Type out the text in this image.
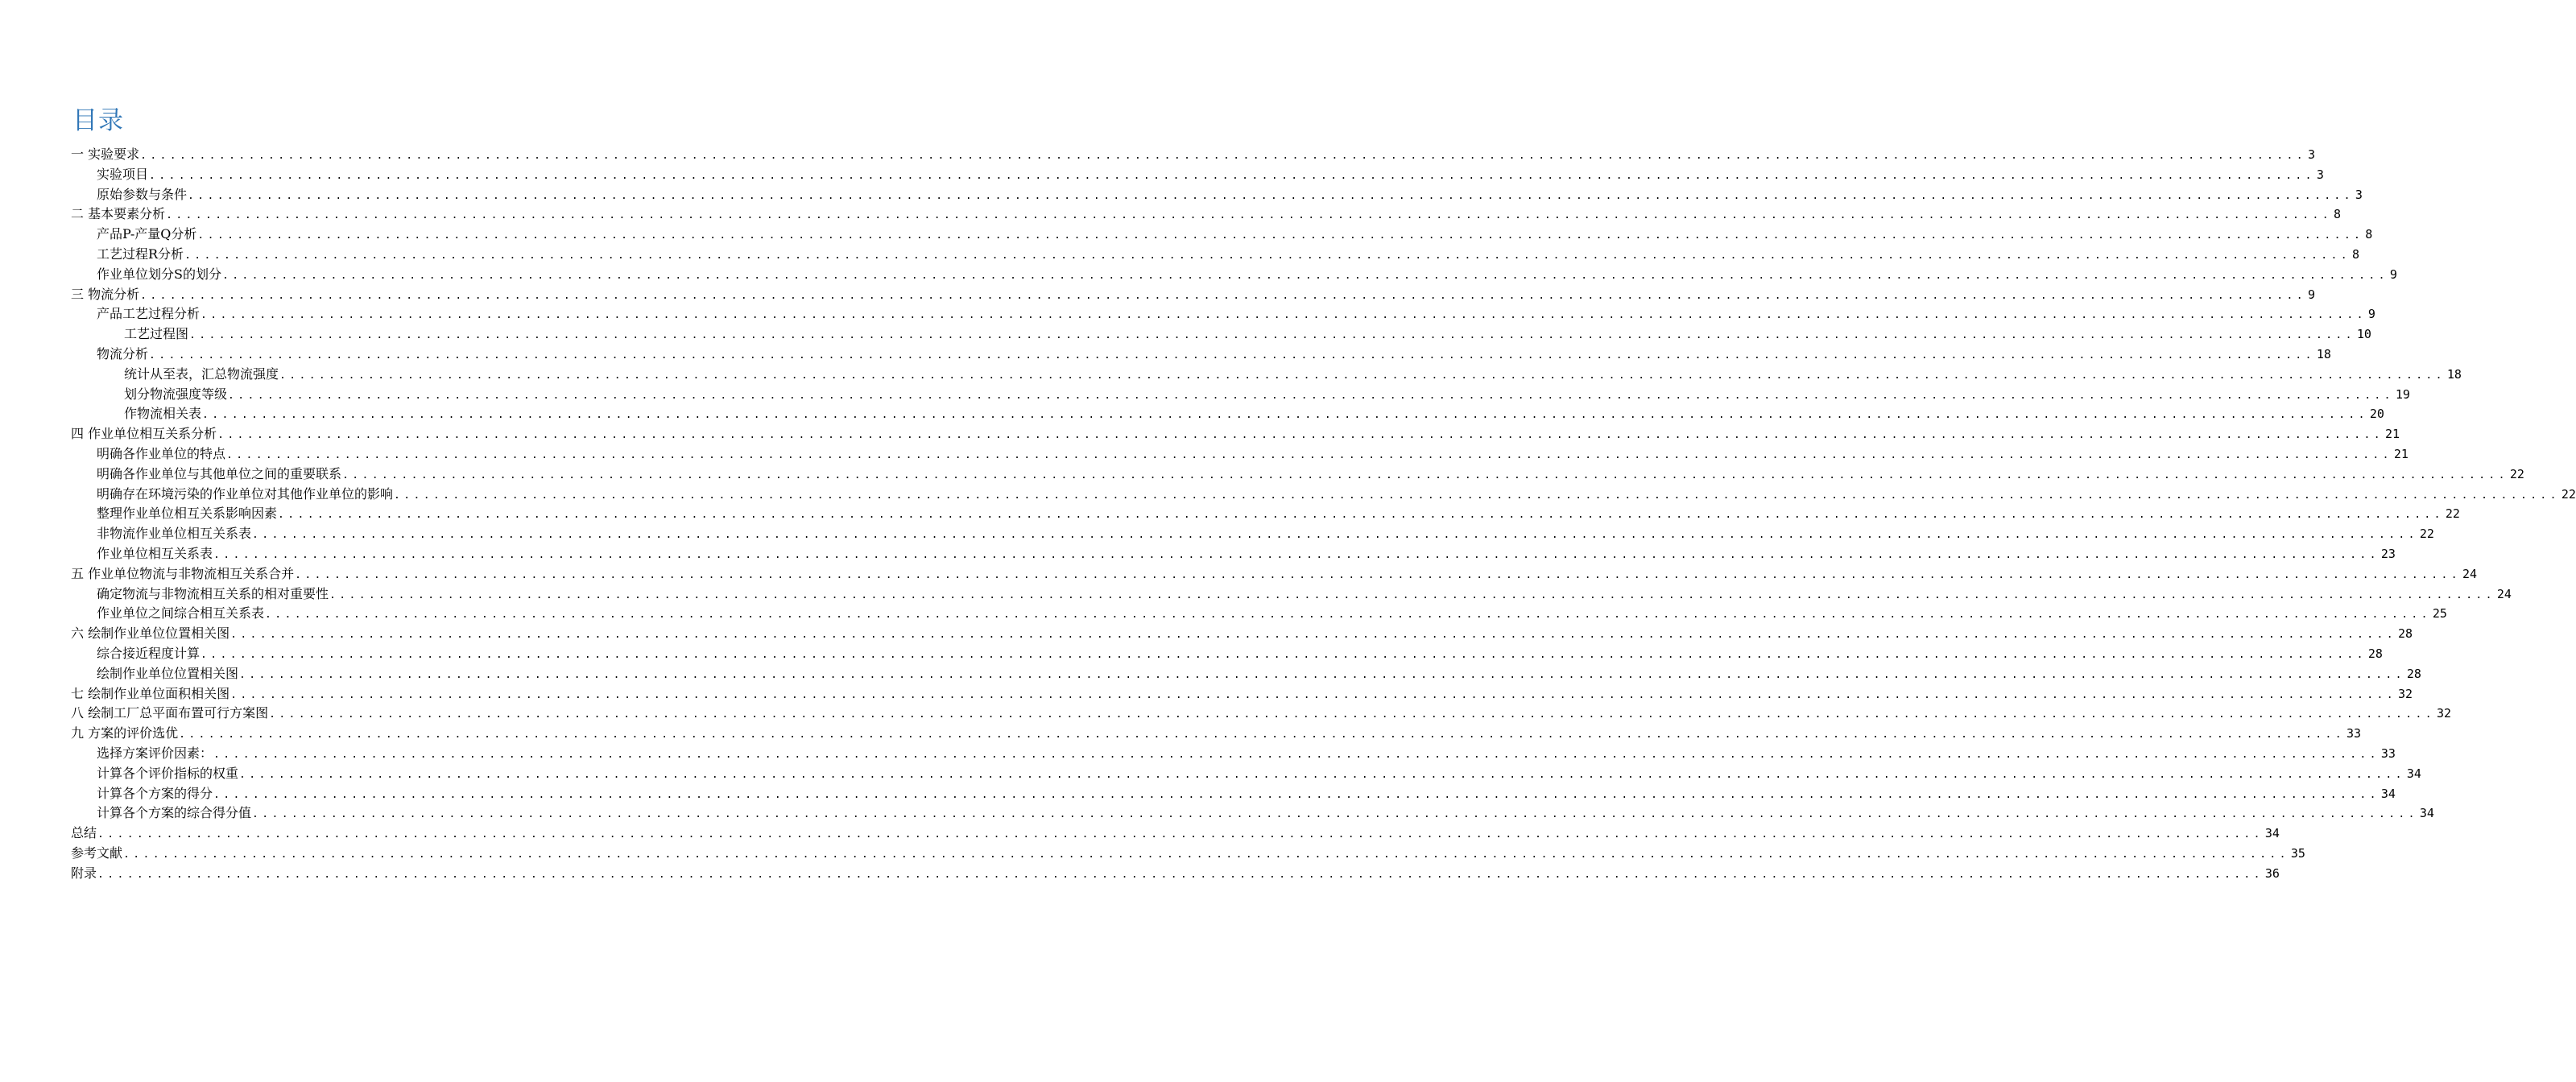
目录
一 实验要求 ............................................................................................................................................................................................................................ 3
实验项目 ............................................................................................................................................................................................................................ 3
原始参数与条件 ............................................................................................................................................................................................................................ 3
二 基本要素分析 ............................................................................................................................................................................................................................ 8
产品P-产量Q分析 ............................................................................................................................................................................................................................ 8
工艺过程R分析 ............................................................................................................................................................................................................................ 8
作业单位划分S的划分 ............................................................................................................................................................................................................................ 9
三 物流分析 ............................................................................................................................................................................................................................ 9
产品工艺过程分析 ............................................................................................................................................................................................................................ 9
工艺过程图 ............................................................................................................................................................................................................................ 10
物流分析 ............................................................................................................................................................................................................................ 18
统计从至表，汇总物流强度 ............................................................................................................................................................................................................................ 18
划分物流强度等级 ............................................................................................................................................................................................................................ 19
作物流相关表 ............................................................................................................................................................................................................................ 20
四 作业单位相互关系分析 ............................................................................................................................................................................................................................ 21
明确各作业单位的特点 ............................................................................................................................................................................................................................ 21
明确各作业单位与其他单位之间的重要联系 ............................................................................................................................................................................................................................ 22
明确存在环境污染的作业单位对其他作业单位的影响 ............................................................................................................................................................................................................................ 22
整理作业单位相互关系影响因素 ............................................................................................................................................................................................................................ 22
非物流作业单位相互关系表 ............................................................................................................................................................................................................................ 22
作业单位相互关系表 ............................................................................................................................................................................................................................ 23
五 作业单位物流与非物流相互关系合并 ............................................................................................................................................................................................................................ 24
确定物流与非物流相互关系的相对重要性 ............................................................................................................................................................................................................................ 24
作业单位之间综合相互关系表 ............................................................................................................................................................................................................................ 25
六 绘制作业单位位置相关图 ............................................................................................................................................................................................................................ 28
综合接近程度计算 ............................................................................................................................................................................................................................ 28
绘制作业单位位置相关图 ............................................................................................................................................................................................................................ 28
七 绘制作业单位面积相关图 ............................................................................................................................................................................................................................ 32
八 绘制工厂总平面布置可行方案图 ............................................................................................................................................................................................................................ 32
九 方案的评价选优 ............................................................................................................................................................................................................................ 33
选择方案评价因素： ............................................................................................................................................................................................................................ 33
计算各个评价指标的权重 ............................................................................................................................................................................................................................ 34
计算各个方案的得分 ............................................................................................................................................................................................................................ 34
计算各个方案的综合得分值 ............................................................................................................................................................................................................................ 34
总结 ............................................................................................................................................................................................................................ 34
参考文献 ............................................................................................................................................................................................................................ 35
附录 ............................................................................................................................................................................................................................ 36
